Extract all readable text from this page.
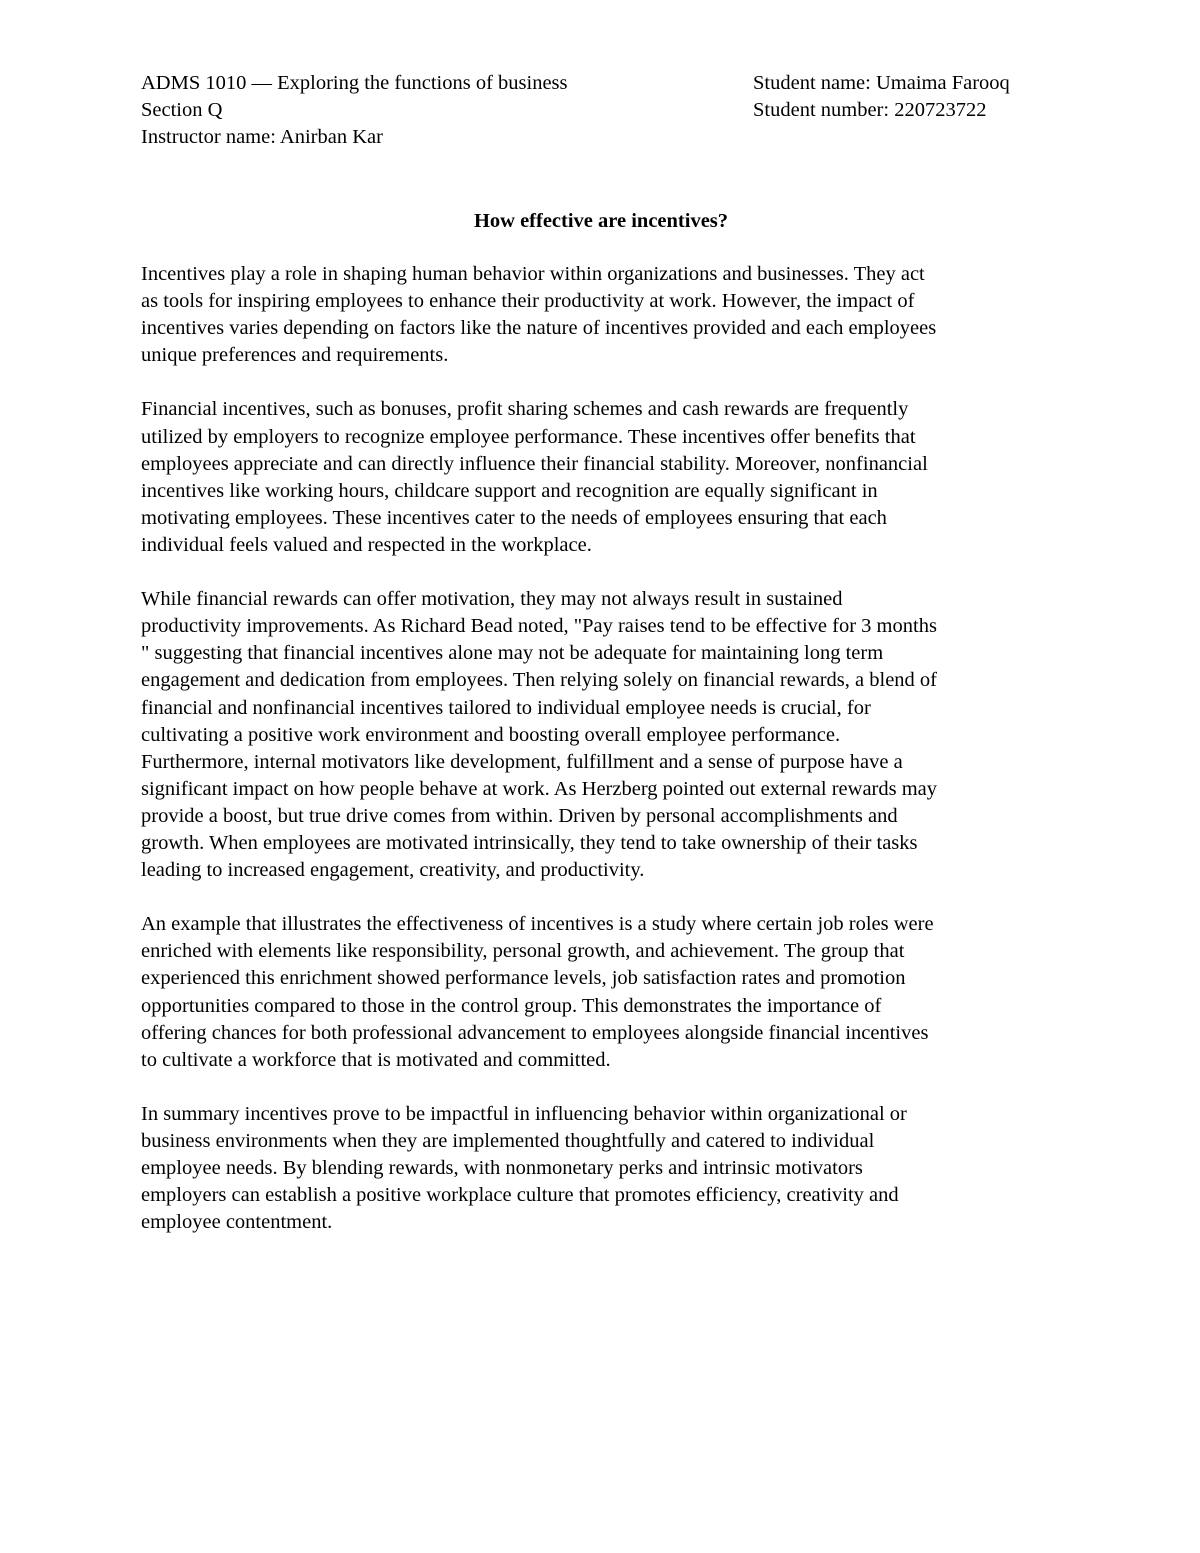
ADMS 1010 — Exploring the functions of business
Section Q
Instructor name: Anirban Kar
Student name: Umaima Farooq
Student number: 220723722
How effective are incentives?

Incentives play a role in shaping human behavior within organizations and businesses. They act
as tools for inspiring employees to enhance their productivity at work. However, the impact of
incentives varies depending on factors like the nature of incentives provided and each employees
unique preferences and requirements.

Financial incentives, such as bonuses, profit sharing schemes and cash rewards are frequently
utilized by employers to recognize employee performance. These incentives offer benefits that
employees appreciate and can directly influence their financial stability. Moreover, nonfinancial
incentives like working hours, childcare support and recognition are equally significant in
motivating employees. These incentives cater to the needs of employees ensuring that each
individual feels valued and respected in the workplace.

While financial rewards can offer motivation, they may not always result in sustained
productivity improvements. As Richard Bead noted, "Pay raises tend to be effective for 3 months
" suggesting that financial incentives alone may not be adequate for maintaining long term
engagement and dedication from employees. Then relying solely on financial rewards, a blend of
financial and nonfinancial incentives tailored to individual employee needs is crucial, for
cultivating a positive work environment and boosting overall employee performance.
Furthermore, internal motivators like development, fulfillment and a sense of purpose have a
significant impact on how people behave at work. As Herzberg pointed out external rewards may
provide a boost, but true drive comes from within. Driven by personal accomplishments and
growth. When employees are motivated intrinsically, they tend to take ownership of their tasks
leading to increased engagement, creativity, and productivity.

An example that illustrates the effectiveness of incentives is a study where certain job roles were
enriched with elements like responsibility, personal growth, and achievement. The group that
experienced this enrichment showed performance levels, job satisfaction rates and promotion
opportunities compared to those in the control group. This demonstrates the importance of
offering chances for both professional advancement to employees alongside financial incentives
to cultivate a workforce that is motivated and committed.

In summary incentives prove to be impactful in influencing behavior within organizational or
business environments when they are implemented thoughtfully and catered to individual
employee needs. By blending rewards, with nonmonetary perks and intrinsic motivators
employers can establish a positive workplace culture that promotes efficiency, creativity and
employee contentment.
